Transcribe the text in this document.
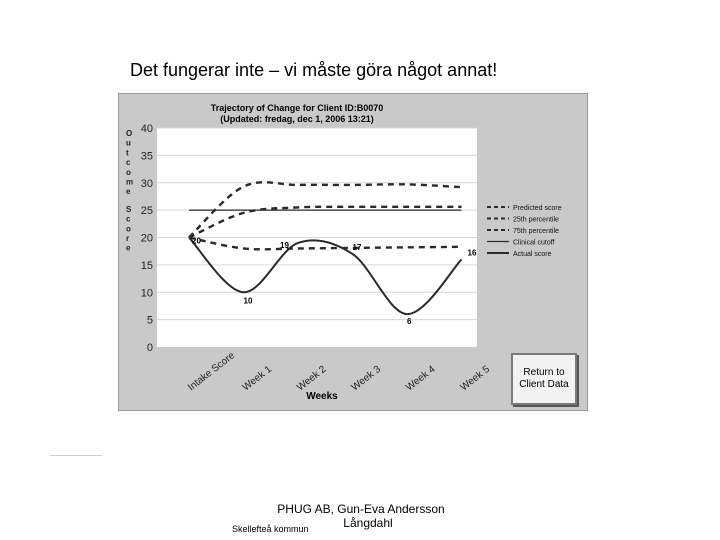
Det fungerar inte – vi måste göra något annat!
0
5
10
15
20
25
30
35
40
Trajectory of Change for Client ID:B0070
(Updated: fredag, dec 1, 2006 13:21)
O u t c o m e S c o r e
Intake Score Week 1 Week 2 Week 3 Week 4 Week 5
Weeks
20
10
19	17
6
16
Predicted score
25th percentile
75th percentile
Clinical cutoff
Actual score
Return to Client Data
PHUG AB, Gun-Eva Andersson
Långdahl
Skellefteå kommun
